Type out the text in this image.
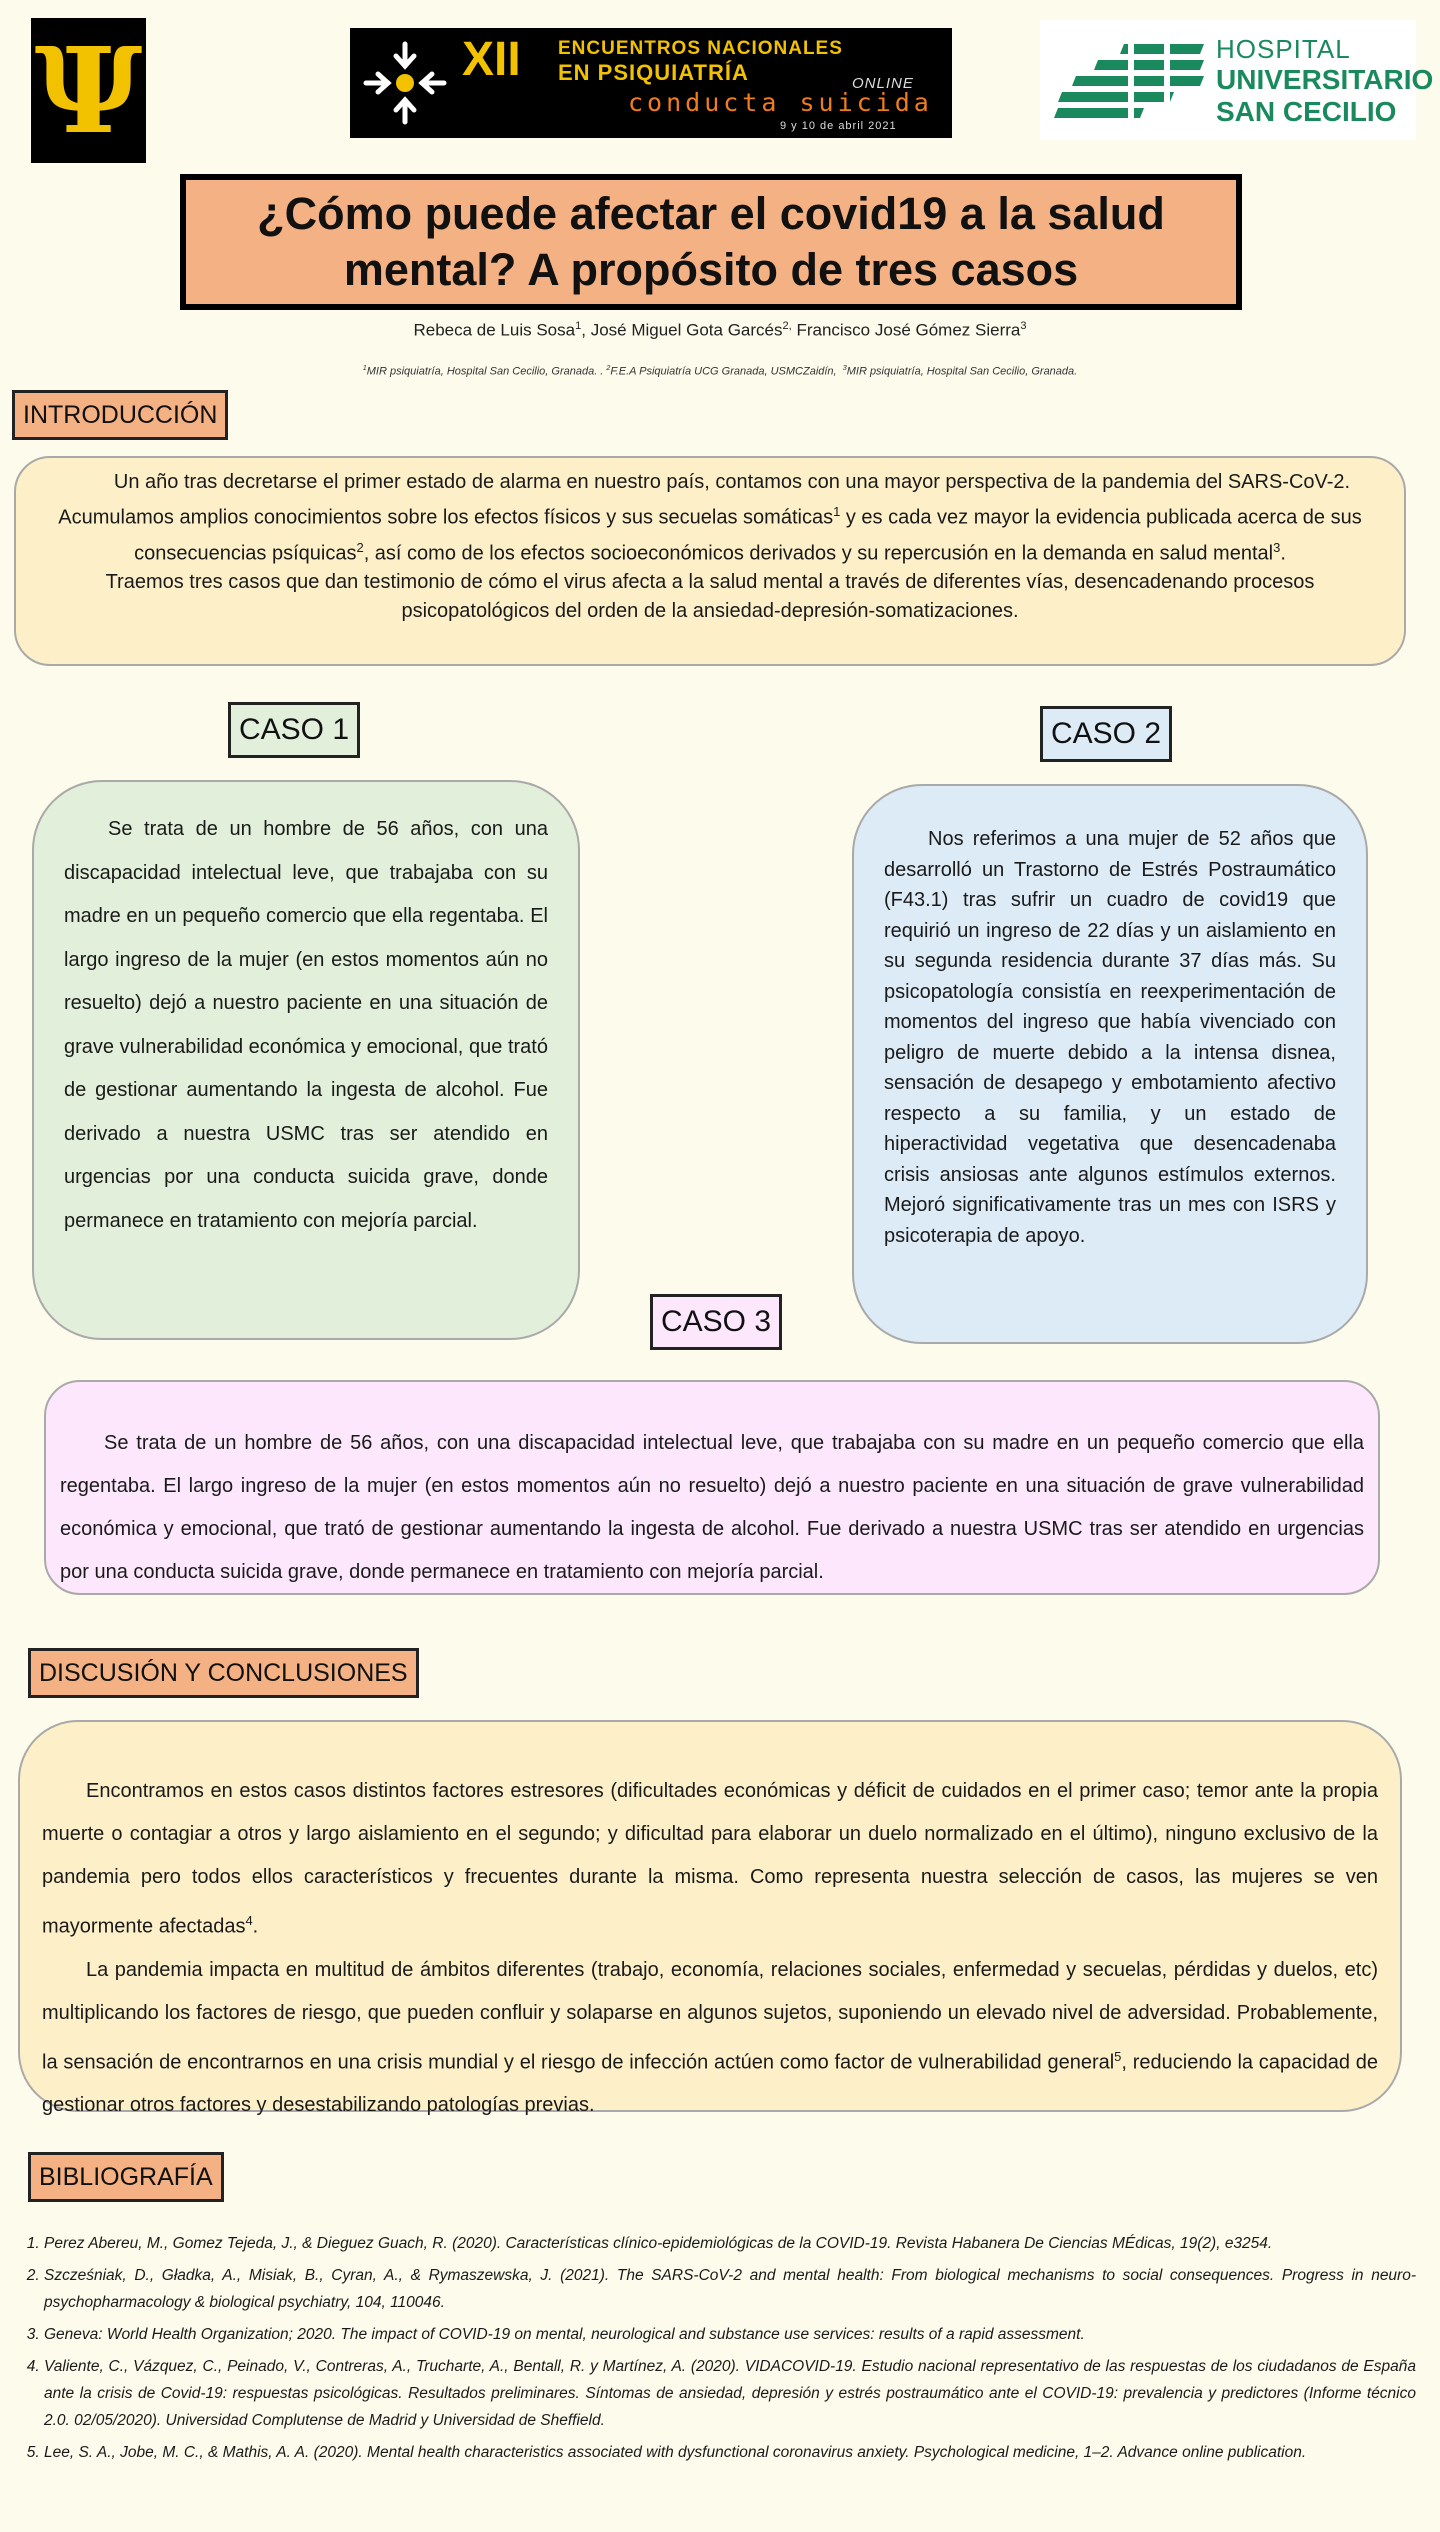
Ψ	XII ENCUENTROS NACIONALES
EN PSIQUIATRÍA	ONLINE
conducta suicida
9 y 10 de abril 2021
HOSPITAL
UNIVERSITARIO
SAN CECILIO
¿Cómo puede afectar el covid19 a la salud mental? A propósito de tres casos
Rebeca de Luis Sosa$^1$, José Miguel Gota Garcés$^{2,}$ Francisco José Gómez Sierra$^3$
$^1$MIR psiquiatría, Hospital San Cecilio, Granada. . $^2$F.E.A Psiquiatría UCG Granada, USMCZaidín, $^3$MIR psiquiatría, Hospital San Cecilio, Granada.
INTRODUCCIÓN

Un año tras decretarse el primer estado de alarma en nuestro país, contamos con una mayor perspectiva de la pandemia del SARS-CoV-2. Acumulamos amplios conocimientos sobre los efectos físicos y sus secuelas somáticas$^1$ y es cada vez mayor la evidencia publicada acerca de sus consecuencias psíquicas$^2$, así como de los efectos socioeconómicos derivados y su repercusión en la demanda en salud mental$^3$.

Traemos tres casos que dan testimonio de cómo el virus afecta a la salud mental a través de diferentes vías, desencadenando procesos psicopatológicos del orden de la ansiedad-depresión-somatizaciones.

CASO 1

Se trata de un hombre de 56 años, con una discapacidad intelectual leve, que trabajaba con su madre en un pequeño comercio que ella regentaba. El largo ingreso de la mujer (en estos momentos aún no resuelto) dejó a nuestro paciente en una situación de grave vulnerabilidad económica y emocional, que trató de gestionar aumentando la ingesta de alcohol. Fue derivado a nuestra USMC tras ser atendido en urgencias por una conducta suicida grave, donde permanece en tratamiento con mejoría parcial.

CASO 2

Nos referimos a una mujer de 52 años que desarrolló un Trastorno de Estrés Postraumático (F43.1) tras sufrir un cuadro de covid19 que requirió un ingreso de 22 días y un aislamiento en su segunda residencia durante 37 días más. Su psicopatología consistía en reexperimentación de momentos del ingreso que había vivenciado con peligro de muerte debido a la intensa disnea, sensación de desapego y embotamiento afectivo respecto a su familia, y un estado de hiperactividad vegetativa que desencadenaba crisis ansiosas ante algunos estímulos externos. Mejoró significativamente tras un mes con ISRS y psicoterapia de apoyo.

CASO 3

Se trata de un hombre de 56 años, con una discapacidad intelectual leve, que trabajaba con su madre en un pequeño comercio que ella regentaba. El largo ingreso de la mujer (en estos momentos aún no resuelto) dejó a nuestro paciente en una situación de grave vulnerabilidad económica y emocional, que trató de gestionar aumentando la ingesta de alcohol. Fue derivado a nuestra USMC tras ser atendido en urgencias por una conducta suicida grave, donde permanece en tratamiento con mejoría parcial.

DISCUSIÓN Y CONCLUSIONES

Encontramos en estos casos distintos factores estresores (dificultades económicas y déficit de cuidados en el primer caso; temor ante la propia muerte o contagiar a otros y largo aislamiento en el segundo; y dificultad para elaborar un duelo normalizado en el último), ninguno exclusivo de la pandemia pero todos ellos característicos y frecuentes durante la misma. Como representa nuestra selección de casos, las mujeres se ven mayormente afectadas$^4$.

La pandemia impacta en multitud de ámbitos diferentes (trabajo, economía, relaciones sociales, enfermedad y secuelas, pérdidas y duelos, etc) multiplicando los factores de riesgo, que pueden confluir y solaparse en algunos sujetos, suponiendo un elevado nivel de adversidad. Probablemente, la sensación de encontrarnos en una crisis mundial y el riesgo de infección actúen como factor de vulnerabilidad general$^5$, reduciendo la capacidad de gestionar otros factores y desestabilizando patologías previas.

BIBLIOGRAFÍA
1. Perez Abereu, M., Gomez Tejeda, J., & Dieguez Guach, R. (2020). Características clínico-epidemiológicas de la COVID-19. Revista Habanera De Ciencias MÉdicas, 19(2), e3254.
2. Szcześniak, D., Gładka, A., Misiak, B., Cyran, A., & Rymaszewska, J. (2021). The SARS-CoV-2 and mental health: From biological mechanisms to social consequences. Progress in neuro-psychopharmacology & biological psychiatry, 104, 110046.
3. Geneva: World Health Organization; 2020. The impact of COVID-19 on mental, neurological and substance use services: results of a rapid assessment.
4. Valiente, C., Vázquez, C., Peinado, V., Contreras, A., Trucharte, A., Bentall, R. y Martínez, A. (2020). VIDACOVID-19. Estudio nacional representativo de las respuestas de los ciudadanos de España ante la crisis de Covid-19: respuestas psicológicas. Resultados preliminares. Síntomas de ansiedad, depresión y estrés postraumático ante el COVID-19: prevalencia y predictores (Informe técnico 2.0. 02/05/2020). Universidad Complutense de Madrid y Universidad de Sheffield.
5. Lee, S. A., Jobe, M. C., & Mathis, A. A. (2020). Mental health characteristics associated with dysfunctional coronavirus anxiety. Psychological medicine, 1–2. Advance online publication.
